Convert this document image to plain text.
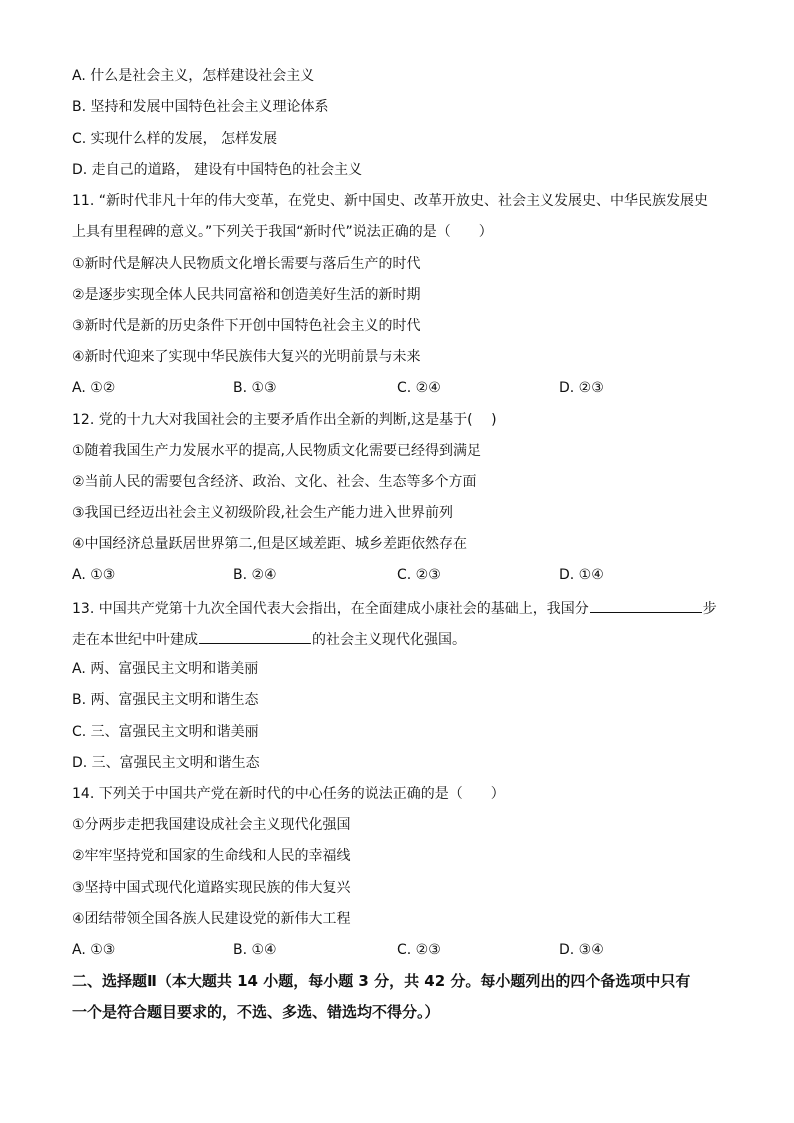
A. 什么是社会主义，怎样建设社会主义
B. 坚持和发展中国特色社会主义理论体系
C. 实现什么样的发展， 怎样发展
D. 走自己的道路， 建设有中国特色的社会主义
11. “新时代非凡十年的伟大变革，在党史、新中国史、改革开放史、社会主义发展史、中华民族发展史
上具有里程碑的意义。”下列关于我国“新时代”说法正确的是（　　）
①新时代是解决人民物质文化增长需要与落后生产的时代
②是逐步实现全体人民共同富裕和创造美好生活的新时期
③新时代是新的历史条件下开创中国特色社会主义的时代
④新时代迎来了实现中华民族伟大复兴的光明前景与未来
A. ①②	B. ①③	C. ②④	D. ②③
12. 党的十九大对我国社会的主要矛盾作出全新的判断,这是基于(　 )
①随着我国生产力发展水平的提高,人民物质文化需要已经得到满足
②当前人民的需要包含经济、政治、文化、社会、生态等多个方面
③我国已经迈出社会主义初级阶段,社会生产能力进入世界前列
④中国经济总量跃居世界第二,但是区域差距、城乡差距依然存在
A. ①③	B. ②④	C. ②③	D. ①④
13. 中国共产党第十九次全国代表大会指出，在全面建成小康社会的基础上，我国分	步
走在本世纪中叶建成	的社会主义现代化强国。
A. 两、富强民主文明和谐美丽
B. 两、富强民主文明和谐生态
C. 三、富强民主文明和谐美丽
D. 三、富强民主文明和谐生态
14. 下列关于中国共产党在新时代的中心任务的说法正确的是（　　）
①分两步走把我国建设成社会主义现代化强国
②牢牢坚持党和国家的生命线和人民的幸福线
③坚持中国式现代化道路实现民族的伟大复兴
④团结带领全国各族人民建设党的新伟大工程
A. ①③	B. ①④	C. ②③	D. ③④
二、选择题Ⅱ（本大题共 14 小题，每小题 3 分，共 42 分。每小题列出的四个备选项中只有
一个是符合题目要求的，不选、多选、错选均不得分。）
